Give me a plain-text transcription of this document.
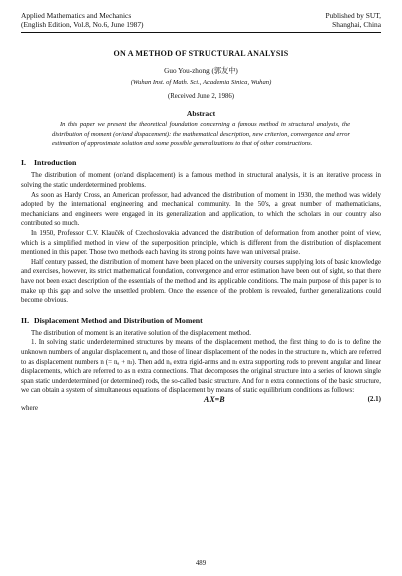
Applied Mathematics and Mechanics
(English Edition, Vol.8, No.6, June 1987)
Published by SUT,
Shanghai, China
ON A METHOD OF STRUCTURAL ANALYSIS
Guo You-zhong (郭友中)
(Wuhan Inst. of Math. Sci., Academia Sinica, Wuhan)
(Received June 2, 1986)
Abstract
In this paper we present the theoretical foundation concerning a famous method in structural analysis, the distribution of moment (or/and dispacement): the mathematical description, new criterion, convergence and error estimation of approximate solution and some possible generalizations to that of other constructions.
I. Introduction

The distribution of moment (or/and displacement) is a famous method in structural analysis, it is an iterative process in solving the static underdetermined problems.

As soon as Hardy Cross, an American professor, had advanced the distribution of moment in 1930, the method was widely adopted by the international engineering and mechanical community. In the 50's, a great number of mathematicians, mechanicians and engineers were engaged in its generalization and application, to which the scholars in our country also contributed so much.

In 1950, Professor C.V. Klaučék of Czechoslovakia advanced the distribution of deformation from another point of view, which is a simplified method in view of the superposition principle, which is different from the distribution of displacement mentioned in this paper. Those two methods each having its strong points have wan universal praise.

Half century passed, the distribution of moment have been placed on the university courses supplying lots of basic knowledge and exercises, however, its strict mathematical foundation, convergence and error estimation have been out of sight, so that there have not been exact description of the essentials of the method and its applicable conditions. The main purpose of this paper is to make up this gap and solve the unsettled problem. Once the essence of the problem is revealed, further generalizations could become obvious.

II. Displacement Method and Distribution of Moment

The distribution of moment is an iterative solution of the displacement method.

1. In solving static underdetermined structures by means of the displacement method, the first thing to do is to define the unknown numbers of angular displacement nₐ and those of linear displacement of the nodes in the structure nₗ, which are referred to as displacement numbers n (= nₐ + nₗ). Then add nₐ extra rigid-arms and nₗ extra supporting rods to prevent angular and linear displacements, which are referred to as n extra connections. That decomposes the original structure into a series of known single span static underdetermined (or determined) rods, the so-called basic structure. And for n extra connections of the basic structure, we can obtain a system of simultaneous equations of displacement by means of static equilibrium conditions as follows:

AX=B	(2.1)
where
489
